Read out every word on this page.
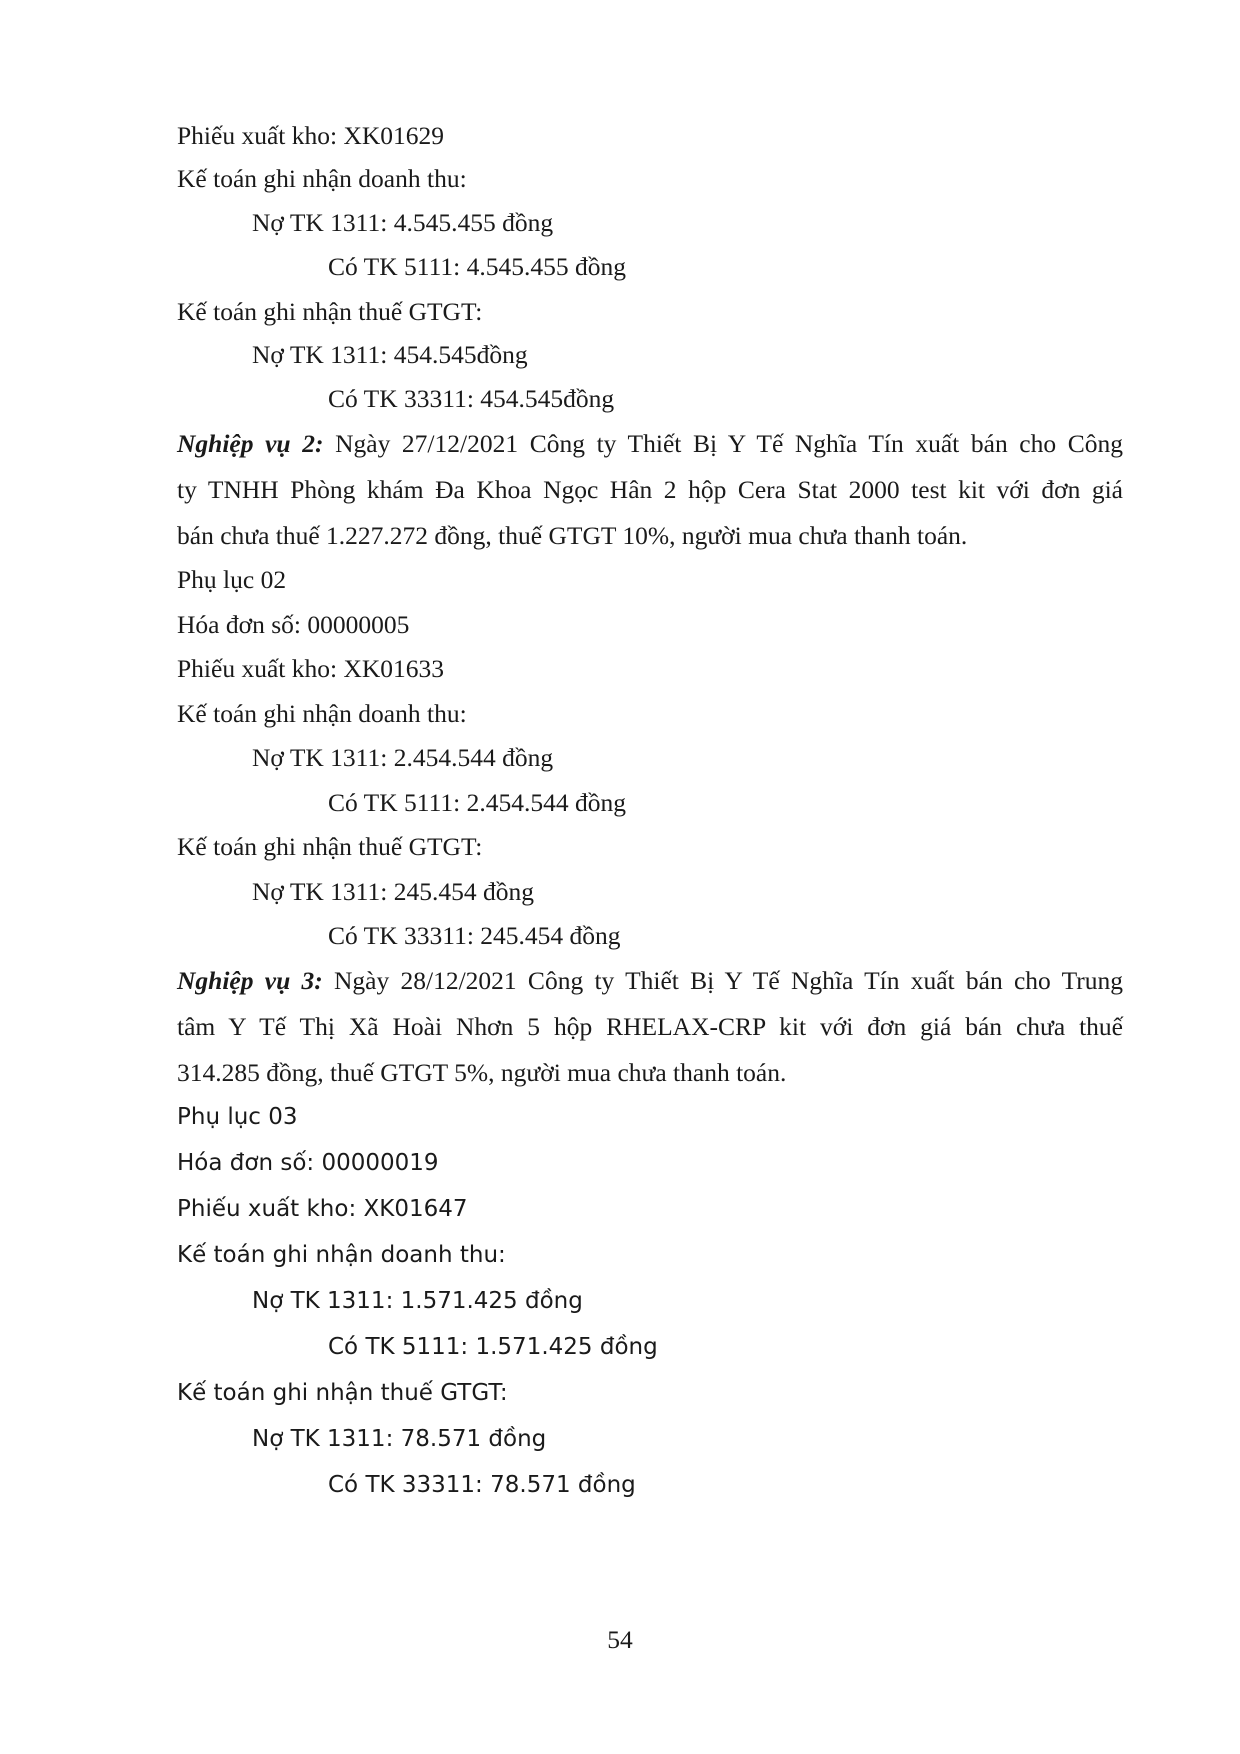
Phiếu xuất kho: XK01629
Kế toán ghi nhận doanh thu:
Nợ TK 1311: 4.545.455 đồng
Có TK 5111: 4.545.455 đồng
Kế toán ghi nhận thuế GTGT:
Nợ TK 1311: 454.545đồng
Có TK 33311: 454.545đồng
Nghiệp vụ 2: Ngày 27/12/2021 Công ty Thiết Bị Y Tế Nghĩa Tín xuất bán cho Công
ty TNHH Phòng khám Đa Khoa Ngọc Hân 2 hộp Cera Stat 2000 test kit với đơn giá
bán chưa thuế 1.227.272 đồng, thuế GTGT 10%, người mua chưa thanh toán.
Phụ lục 02
Hóa đơn số: 00000005
Phiếu xuất kho: XK01633
Kế toán ghi nhận doanh thu:
Nợ TK 1311: 2.454.544 đồng
Có TK 5111: 2.454.544 đồng
Kế toán ghi nhận thuế GTGT:
Nợ TK 1311: 245.454 đồng
Có TK 33311: 245.454 đồng
Nghiệp vụ 3: Ngày 28/12/2021 Công ty Thiết Bị Y Tế Nghĩa Tín xuất bán cho Trung
tâm Y Tế Thị Xã Hoài Nhơn 5 hộp RHELAX-CRP kit với đơn giá bán chưa thuế
314.285 đồng, thuế GTGT 5%, người mua chưa thanh toán.
Phụ lục 03
Hóa đơn số: 00000019
Phiếu xuất kho: XK01647
Kế toán ghi nhận doanh thu:
Nợ TK 1311: 1.571.425 đồng
Có TK 5111: 1.571.425 đồng
Kế toán ghi nhận thuế GTGT:
Nợ TK 1311: 78.571 đồng
Có TK 33311: 78.571 đồng
54
